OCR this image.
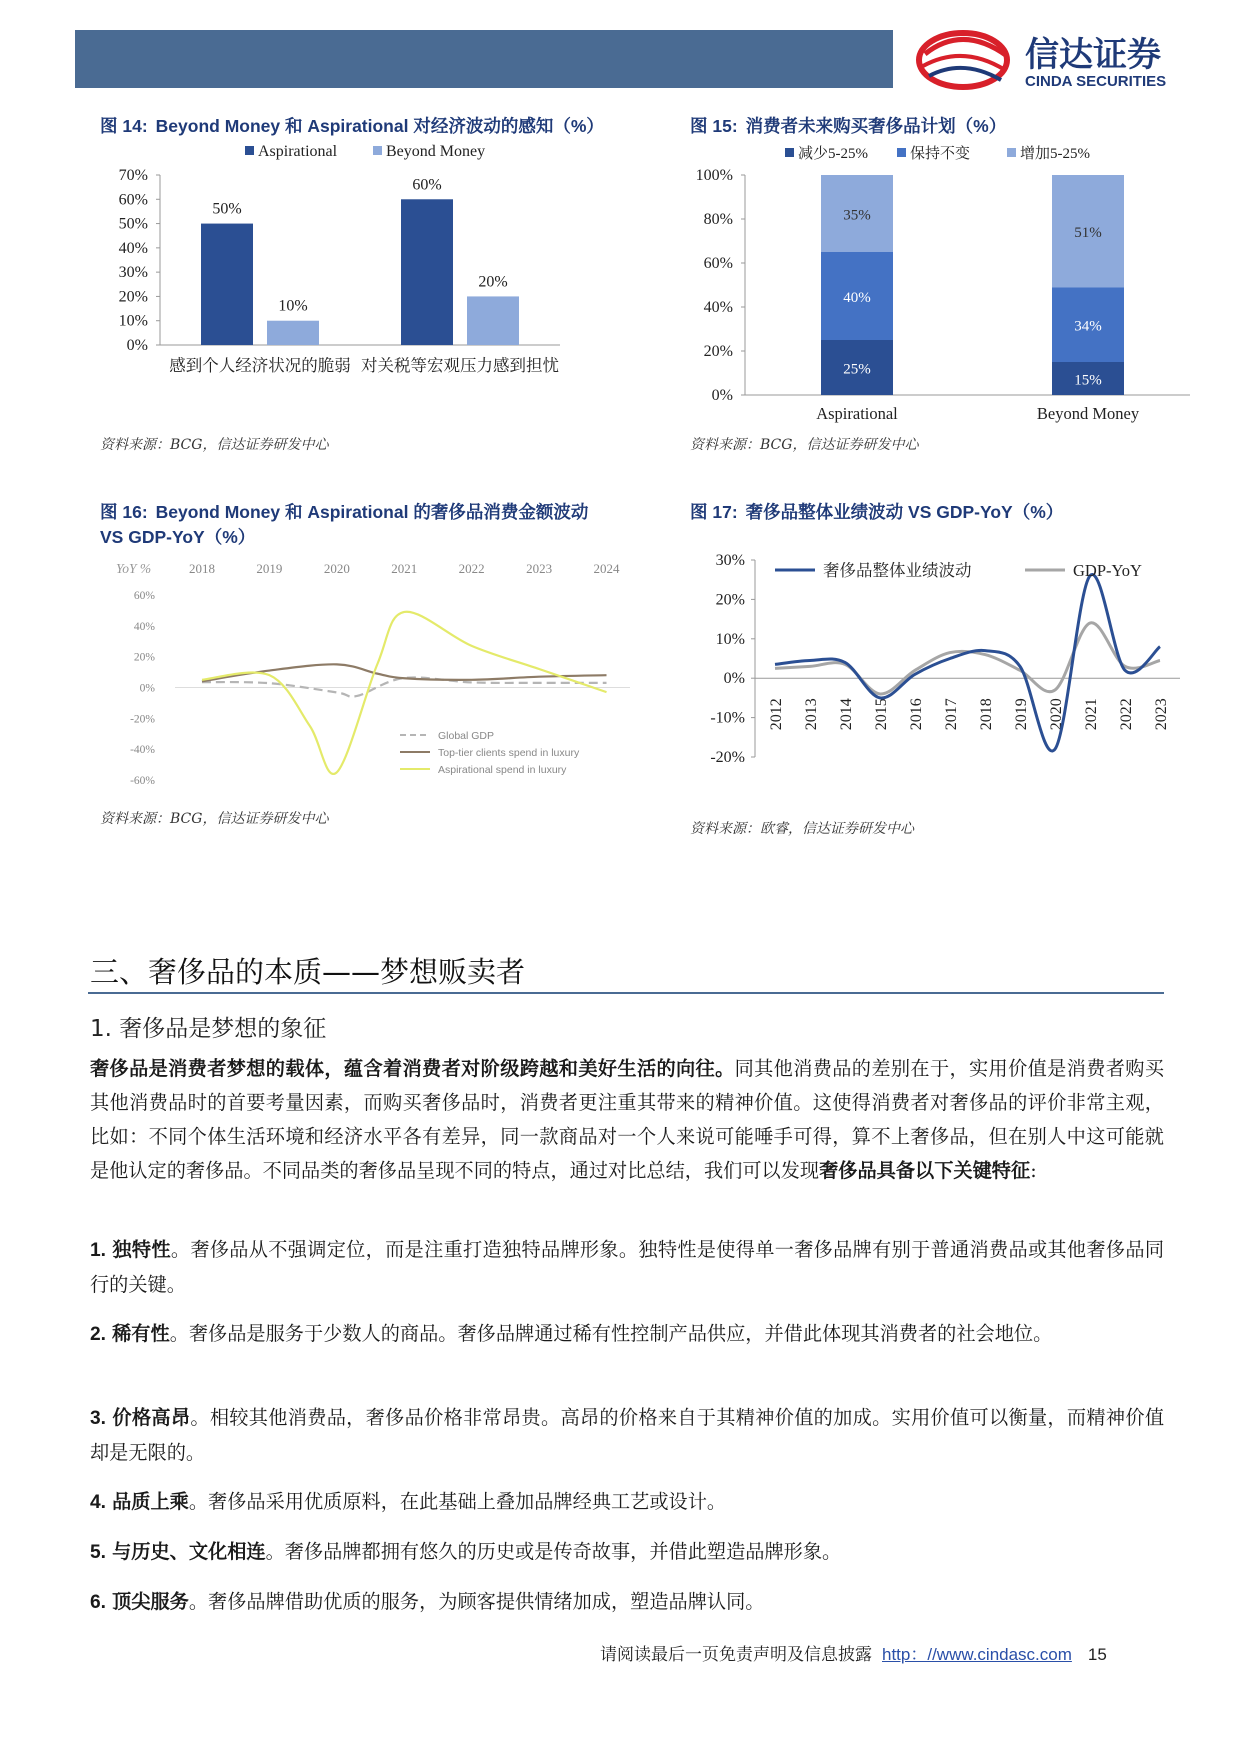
信达证券
CINDA SECURITIES
图 14: Beyond Money 和 Aspirational 对经济波动的感知（%）
0%
10%
20%
30%
40%
50%
60%
70%
50%
10%
感到个人经济状况的脆弱
60%
20%
对关税等宏观压力感到担忧
Aspirational	Beyond Money
资料来源：BCG，信达证券研发中心
图 15: 消费者未来购买奢侈品计划（%）
0%
20%
40%
60%
80%
100%
25%
40%
35%
Aspirational
15%
34%
51%
Beyond Money
减少5-25%	保持不变	增加5-25%
资料来源：BCG，信达证券研发中心
图 16: Beyond Money 和 Aspirational 的奢侈品消费金额波动
VS GDP-YoY（%）
YoY %	2018	2019	2020	2021	2022	2023	2024
60%
40%
20%
0%
-20%
-40%
-60%
Global GDP
Top-tier clients spend in luxury
Aspirational spend in luxury
资料来源：BCG，信达证券研发中心
图 17: 奢侈品整体业绩波动 VS GDP-YoY（%）
30%
20%
10%
0%
-10%
-20%
2012 2013 2014 2015 2016 2017 2018 2019 2020 2021 2022 2023
奢侈品整体业绩波动	GDP-YoY
资料来源：欧睿，信达证券研发中心
三、奢侈品的本质——梦想贩卖者
1. 奢侈品是梦想的象征
奢侈品是消费者梦想的载体，蕴含着消费者对阶级跨越和美好生活的向往。同其他消费品的差别在于，实用价值是消费者购买其他消费品时的首要考量因素，而购买奢侈品时，消费者更注重其带来的精神价值。这使得消费者对奢侈品的评价非常主观，比如：不同个体生活环境和经济水平各有差异，同一款商品对一个人来说可能唾手可得，算不上奢侈品，但在别人中这可能就是他认定的奢侈品。不同品类的奢侈品呈现不同的特点，通过对比总结，我们可以发现奢侈品具备以下关键特征:
1. 独特性。奢侈品从不强调定位，而是注重打造独特品牌形象。独特性是使得单一奢侈品牌有别于普通消费品或其他奢侈品同行的关键。
2. 稀有性。奢侈品是服务于少数人的商品。奢侈品牌通过稀有性控制产品供应，并借此体现其消费者的社会地位。
3. 价格高昂。相较其他消费品，奢侈品价格非常昂贵。高昂的价格来自于其精神价值的加成。实用价值可以衡量，而精神价值却是无限的。
4. 品质上乘。奢侈品采用优质原料，在此基础上叠加品牌经典工艺或设计。
5. 与历史、文化相连。奢侈品牌都拥有悠久的历史或是传奇故事，并借此塑造品牌形象。
6. 顶尖服务。奢侈品牌借助优质的服务，为顾客提供情绪加成，塑造品牌认同。
请阅读最后一页免责声明及信息披露 http：//www.cindasc.com 15
